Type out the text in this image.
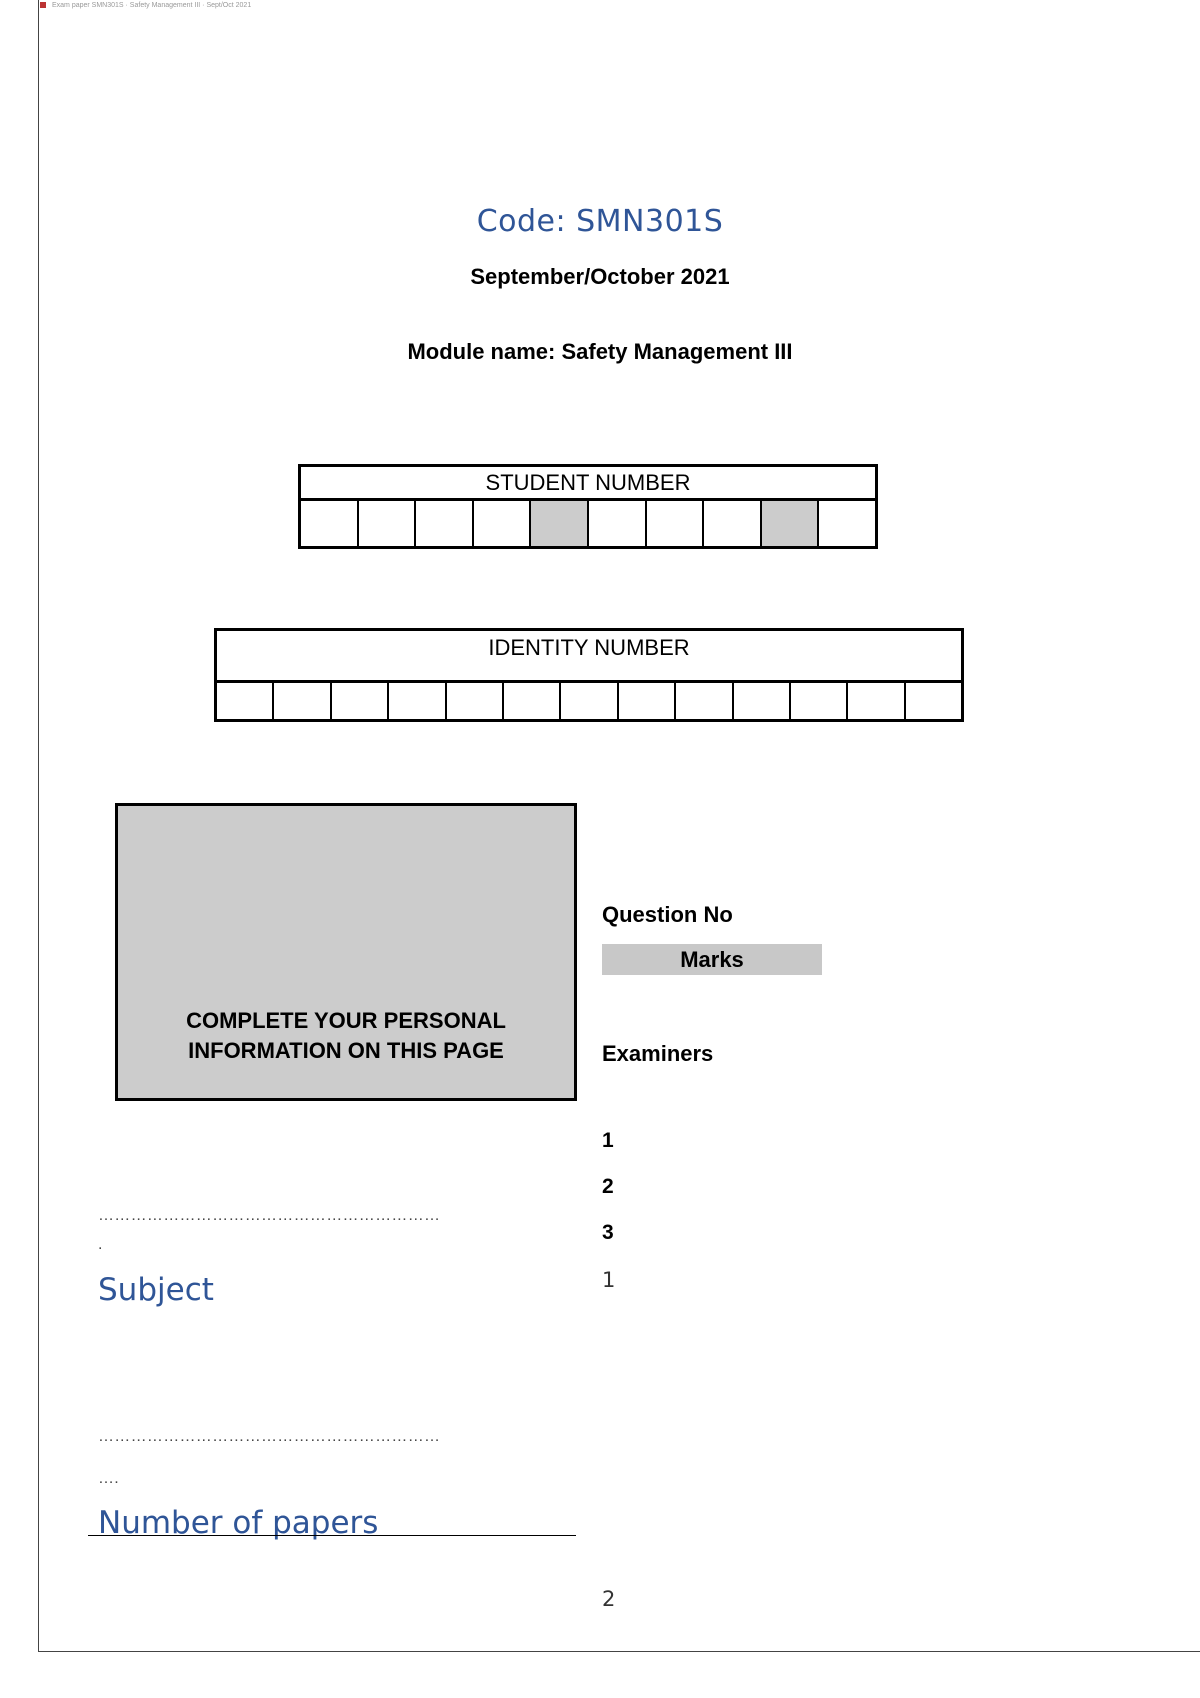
Exam paper SMN301S · Safety Management III · Sept/Oct 2021
Code: SMN301S
September/October 2021
Module name: Safety Management III
STUDENT NUMBER
IDENTITY NUMBER
COMPLETE YOUR PERSONAL
INFORMATION ON THIS PAGE
Question No
Marks
Examiners
1
2
3
1
2
………………………………………………………
.
Subject
………………………………………………………
….
Number of papers
